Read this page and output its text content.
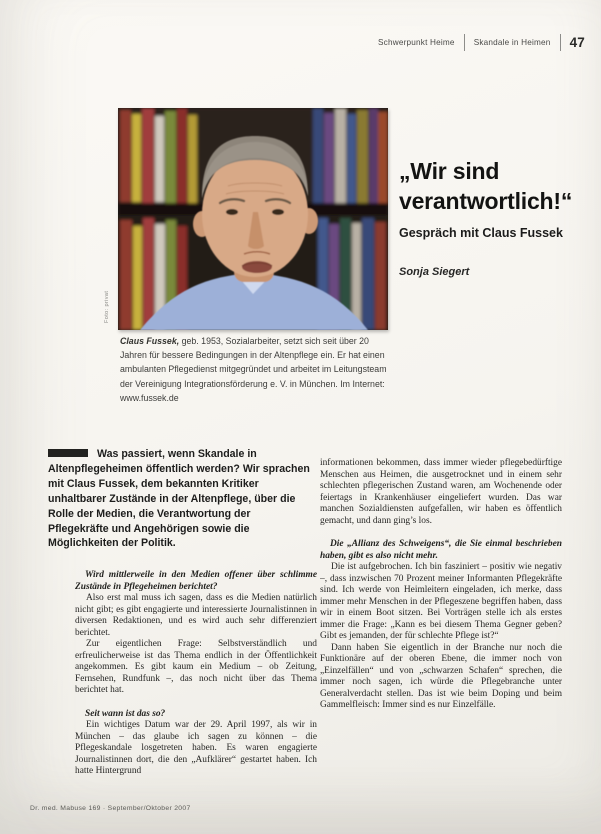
Schwerpunkt Heime Skandale in Heimen 47
Foto: privat
„Wir sind verantwortlich!“
Gespräch mit Claus Fussek
Sonja Siegert
Claus Fussek, geb. 1953, Sozialarbeiter, setzt sich seit über 20 Jahren für bessere Bedingungen in der Altenpflege ein. Er hat einen ambulanten Pflegedienst mitgegründet und arbeitet im Leitungsteam der Vereinigung Integrationsförderung e. V. in München. Im Internet: www.fussek.de
Was passiert, wenn Skandale in Altenpflegeheimen öffentlich werden? Wir sprachen mit Claus Fussek, dem bekannten Kritiker unhaltbarer Zustände in der Altenpflege, über die Rolle der Medien, die Verantwortung der Pflegekräfte und Angehörigen sowie die Möglichkeiten der Politik.

Wird mittlerweile in den Medien offener über schlimme Zustände in Pflegeheimen berichtet?

Also erst mal muss ich sagen, dass es die Medien natürlich nicht gibt; es gibt engagierte und interessierte Journalistinnen in diversen Redaktionen, und es wird auch sehr differenziert berichtet.

Zur eigentlichen Frage: Selbstverständlich und erfreulicherweise ist das Thema endlich in der Öffentlichkeit angekommen. Es gibt kaum ein Medium – ob Zeitung, Fernsehen, Rundfunk –, das noch nicht über das Thema berichtet hat.

Seit wann ist das so?

Ein wichtiges Datum war der 29. April 1997, als wir in München – das glaube ich sagen zu können – die Pflegeskandale losgetreten haben. Es waren engagierte Journalistinnen dort, die den „Aufklärer“ gestartet haben. Ich hatte Hintergrund

informationen bekommen, dass immer wieder pflegebedürftige Menschen aus Heimen, die ausgetrocknet und in einem sehr schlechten pflegerischen Zustand waren, am Wochenende oder feiertags in Krankenhäuser eingeliefert wurden. Das war manchen Sozialdiensten aufgefallen, wir haben es öffentlich gemacht, und dann ging’s los.

Die „Allianz des Schweigens“, die Sie einmal beschrieben haben, gibt es also nicht mehr.

Die ist aufgebrochen. Ich bin fasziniert – positiv wie negativ –, dass inzwischen 70 Prozent meiner Informanten Pflegekräfte sind. Ich werde von Heimleitern eingeladen, ich merke, dass immer mehr Menschen in der Pflegeszene begriffen haben, dass wir in einem Boot sitzen. Bei Vorträgen stelle ich als erstes immer die Frage: „Kann es bei diesem Thema Gegner geben? Gibt es jemanden, der für schlechte Pflege ist?“

Dann haben Sie eigentlich in der Branche nur noch die Funktionäre auf der oberen Ebene, die immer noch von „Einzelfällen“ und von „schwarzen Schafen“ sprechen, die immer noch sagen, ich würde die Pflegebranche unter Generalverdacht stellen. Das ist wie beim Doping und beim Gammelfleisch: Immer sind es nur Einzelfälle.

Dr. med. Mabuse 169 · September/Oktober 2007
